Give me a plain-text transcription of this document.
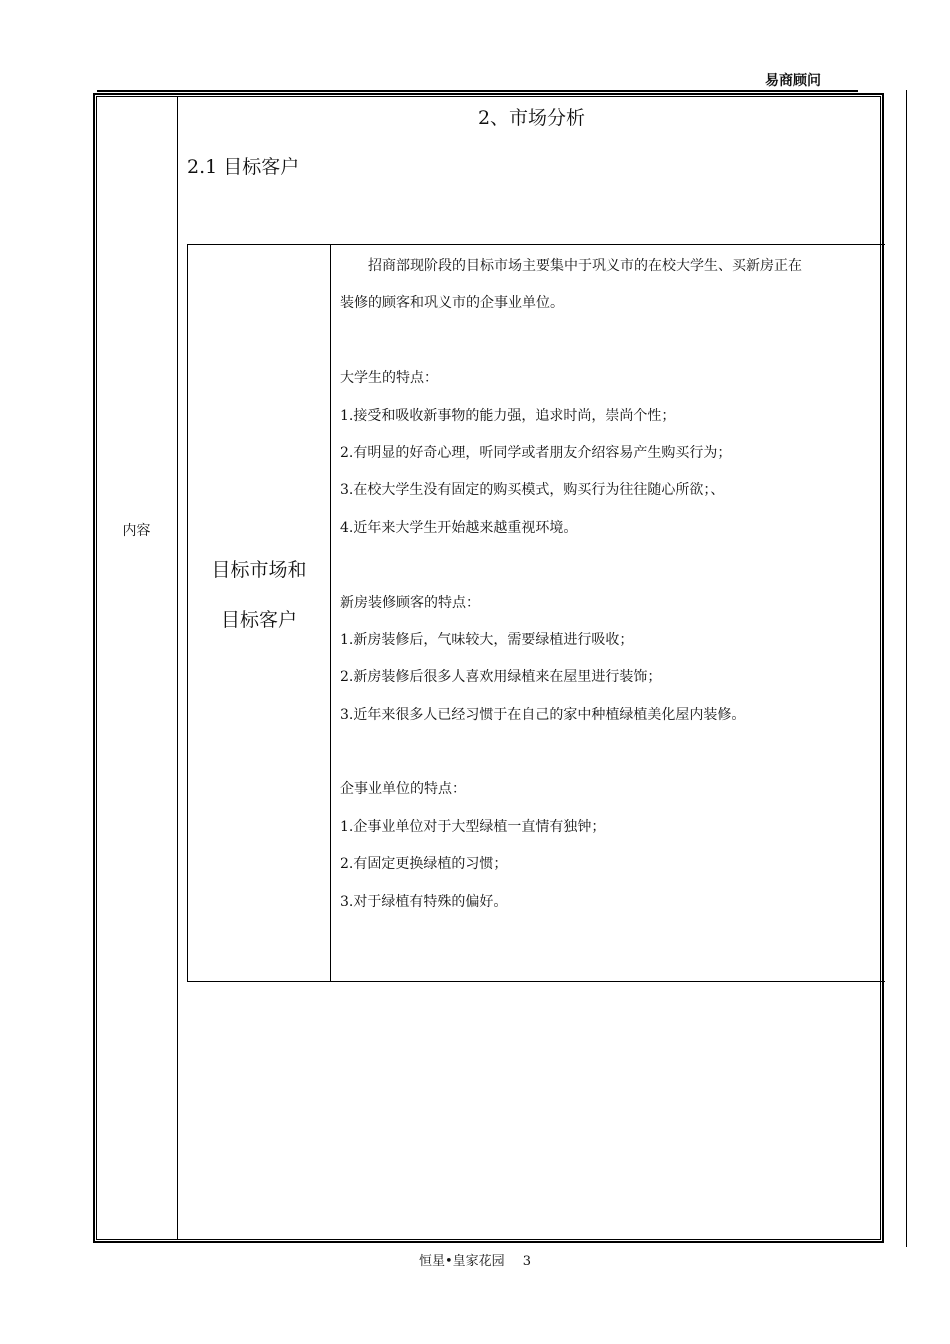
易商顾问
内容
2、市场分析
2.1 目标客户
目标市场和
目标客户
　　招商部现阶段的目标市场主要集中于巩义市的在校大学生、买新房正在
装修的顾客和巩义市的企事业单位。
大学生的特点：
1.接受和吸收新事物的能力强，追求时尚，崇尚个性；
2.有明显的好奇心理，听同学或者朋友介绍容易产生购买行为；
3.在校大学生没有固定的购买模式，购买行为往往随心所欲；、
4.近年来大学生开始越来越重视环境。
新房装修顾客的特点：
1.新房装修后，气味较大，需要绿植进行吸收；
2.新房装修后很多人喜欢用绿植来在屋里进行装饰；
3.近年来很多人已经习惯于在自己的家中种植绿植美化屋内装修。
企事业单位的特点：
1.企事业单位对于大型绿植一直情有独钟；
2.有固定更换绿植的习惯；
3.对于绿植有特殊的偏好。
恒星•皇家花园 3
